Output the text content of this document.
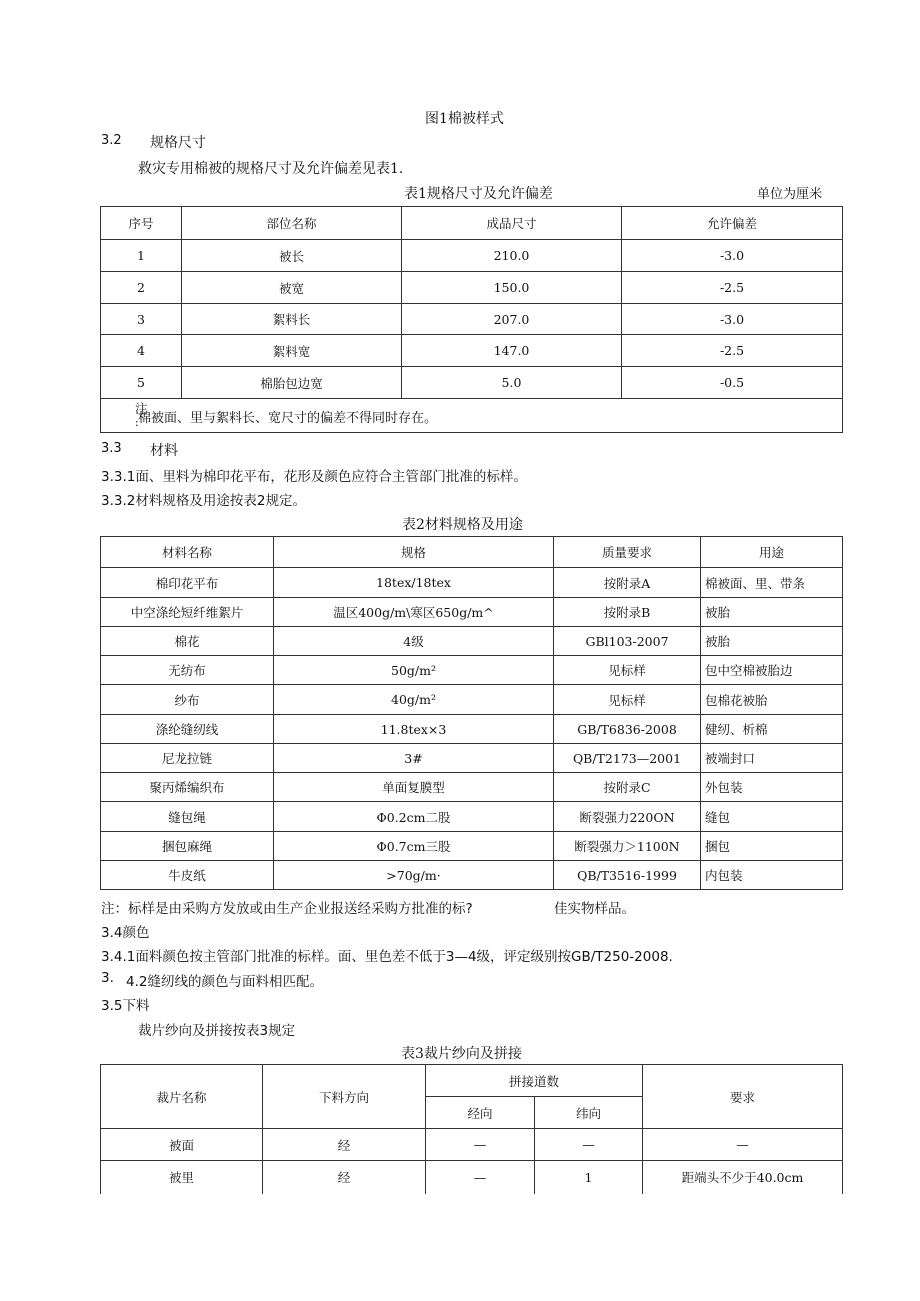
图1棉被样式
3.2 规格尺寸
救灾专用棉被的规格尺寸及允许偏差见表1.
表1规格尺寸及允许偏差	单位为厘米
序号	部位名称	成品尺寸	允许偏差
1	被长	210.0	-3.0
2	被宽	150.0	-2.5
3	絮料长	207.0	-3.0
4	絮料宽	147.0	-2.5
5	棉胎包边宽	5.0	-0.5

注
: 棉被面、里与絮料长、宽尺寸的偏差不得同时存在。			
3.3 材料
3.3.1面、里料为棉印花平布，花形及颜色应符合主管部门批准的标样。
3.3.2材料规格及用途按表2规定。
表2材料规格及用途
材料名称	规格	质量要求	用途
棉印花平布	18tex/18tex	按附录A	棉被面、里、带条
中空涤纶短纤维絮片	温区400g/m\寒区650g/m^	按附录B	被胎
棉花	4级	GBl103-2007	被胎
无纺布	50g/m²	见标样	包中空棉被胎边
纱布	40g/m²	见标样	包棉花被胎
涤纶缝纫线	11.8tex×3	GB/T6836-2008	健纫、析棉
尼龙拉链	3#	QB/T2173—2001	被端封口
聚丙烯编织布	单面复膜型	按附录C	外包装
缝包绳	Φ0.2cm二股	断裂强力220ON	缝包
捆包麻绳	Φ0.7cm三股	断裂强力＞1100N	捆包
牛皮纸	>70g/m·	QB/T3516-1999	内包装
注：标样是由采购方发放或由生产企业报送经采购方批准的标?	佳实物样品。
3.4颜色
3.4.1面料颜色按主管部门批准的标样。面、里色差不低于3—4级，评定级别按GB/T250-2008.
3. 4.2缝纫线的颜色与面料相匹配。
3.5下料
裁片纱向及拼接按表3规定
表3裁片纱向及拼接
裁片名称	下料方向	拼接道数		要求
		经向	纬向	
被面	经	—	—	—
被里	经	—	1	距端头不少于40.0cm
